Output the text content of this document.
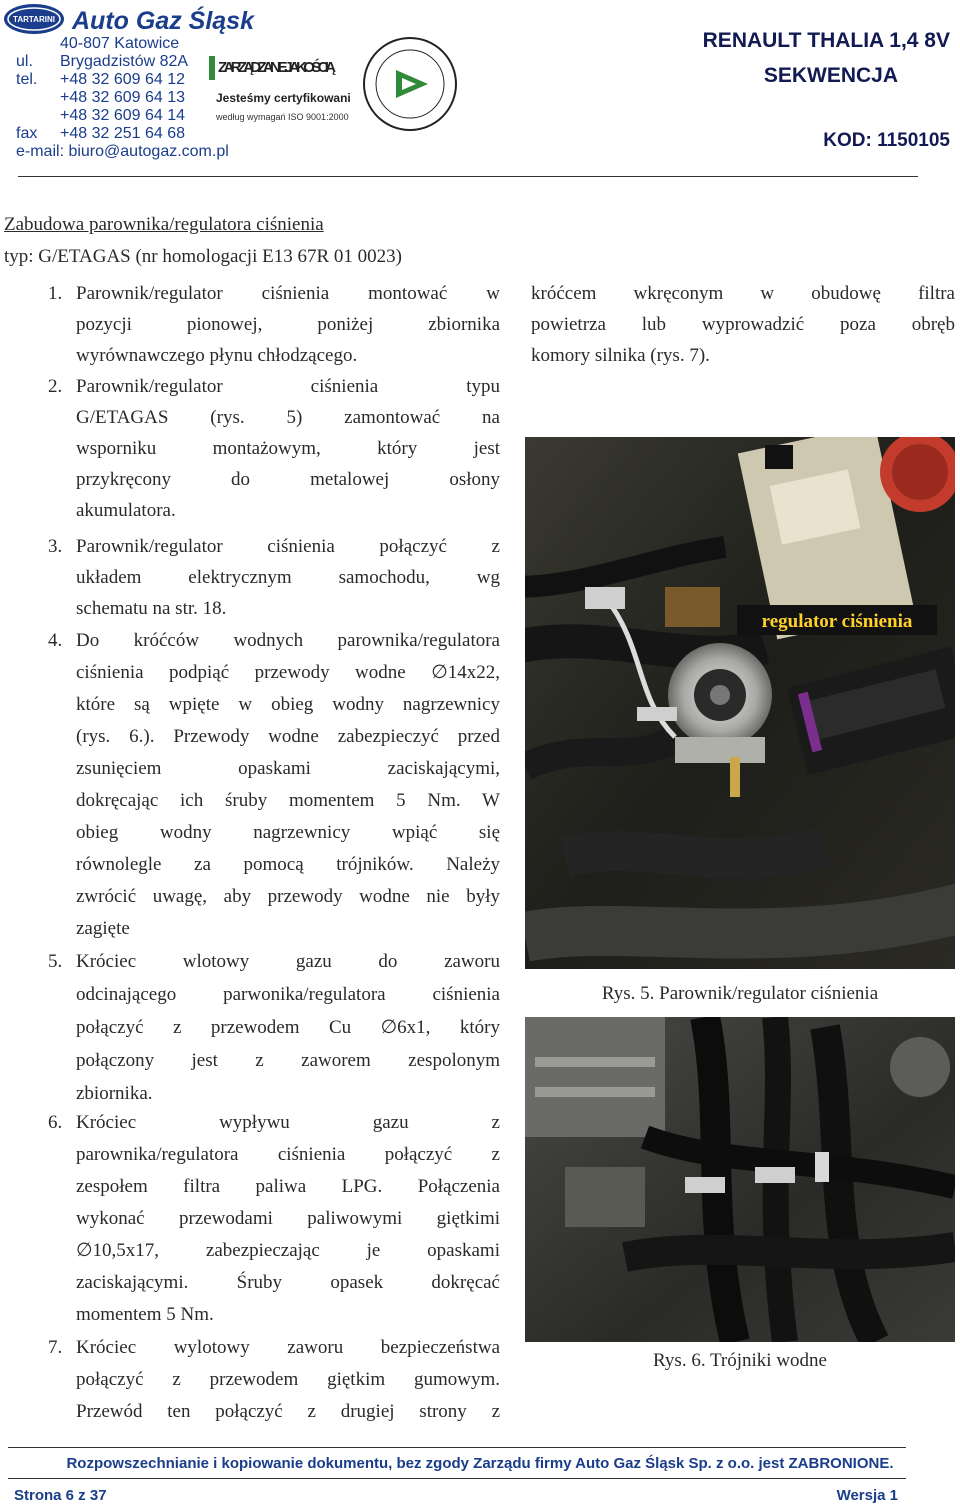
TARTARINI Auto Gaz Śląsk
40-807 Katowice
ul. Brygadzistów 82A
tel. +48 32 609 64 12
+48 32 609 64 13
+48 32 609 64 14
fax +48 32 251 64 68
e-mail: biuro@autogaz.com.pl
ZARZĄDZANIE JAKOŚCIĄ
Jesteśmy certyfikowani
według wymagań ISO 9001:2000
RENAULT THALIA 1,4 8V
SEKWENCJA
KOD: 1150105
Zabudowa parownika/regulatora ciśnienia
typ: G/ETAGAS (nr homologacji E13 67R 01 0023)
1. Parownik/regulator ciśnienia montować w
pozycji pionowej, poniżej zbiornika
wyrównawczego płynu chłodzącego.
2. Parownik/regulator ciśnienia typu
G/ETAGAS (rys. 5) zamontować na
wsporniku montażowym, który jest
przykręcony do metalowej osłony
akumulatora.
3. Parownik/regulator ciśnienia połączyć z
układem elektrycznym samochodu, wg
schematu na str. 18.
4. Do króćców wodnych parownika/regulatora
ciśnienia podpiąć przewody wodne ∅14x22,
które są wpięte w obieg wodny nagrzewnicy
(rys. 6.). Przewody wodne zabezpieczyć przed
zsunięciem opaskami zaciskającymi,
dokręcając ich śruby momentem 5 Nm. W
obieg wodny nagrzewnicy wpiąć się
równolegle za pomocą trójników. Należy
zwrócić uwagę, aby przewody wodne nie były
zagięte
5. Króciec wlotowy gazu do zaworu
odcinającego parwonika/regulatora ciśnienia
połączyć z przewodem Cu ∅6x1, który
połączony jest z zaworem zespolonym
zbiornika.
6. Króciec wypływu gazu z
parownika/regulatora ciśnienia połączyć z
zespołem filtra paliwa LPG. Połączenia
wykonać przewodami paliwowymi giętkimi
∅10,5x17, zabezpieczając je opaskami
zaciskającymi. Śruby opasek dokręcać
momentem 5 Nm.
7. Króciec wylotowy zaworu bezpieczeństwa
połączyć z przewodem giętkim gumowym.
Przewód ten połączyć z drugiej strony z
króćcem wkręconym w obudowę filtra
powietrza lub wyprowadzić poza obręb
komory silnika (rys. 7).
regulator ciśnienia
Rys. 5. Parownik/regulator ciśnienia
Rys. 6. Trójniki wodne
Rozpowszechnianie i kopiowanie dokumentu, bez zgody Zarządu firmy Auto Gaz Śląsk Sp. z o.o. jest ZABRONIONE.
Strona 6 z 37	Wersja 1
